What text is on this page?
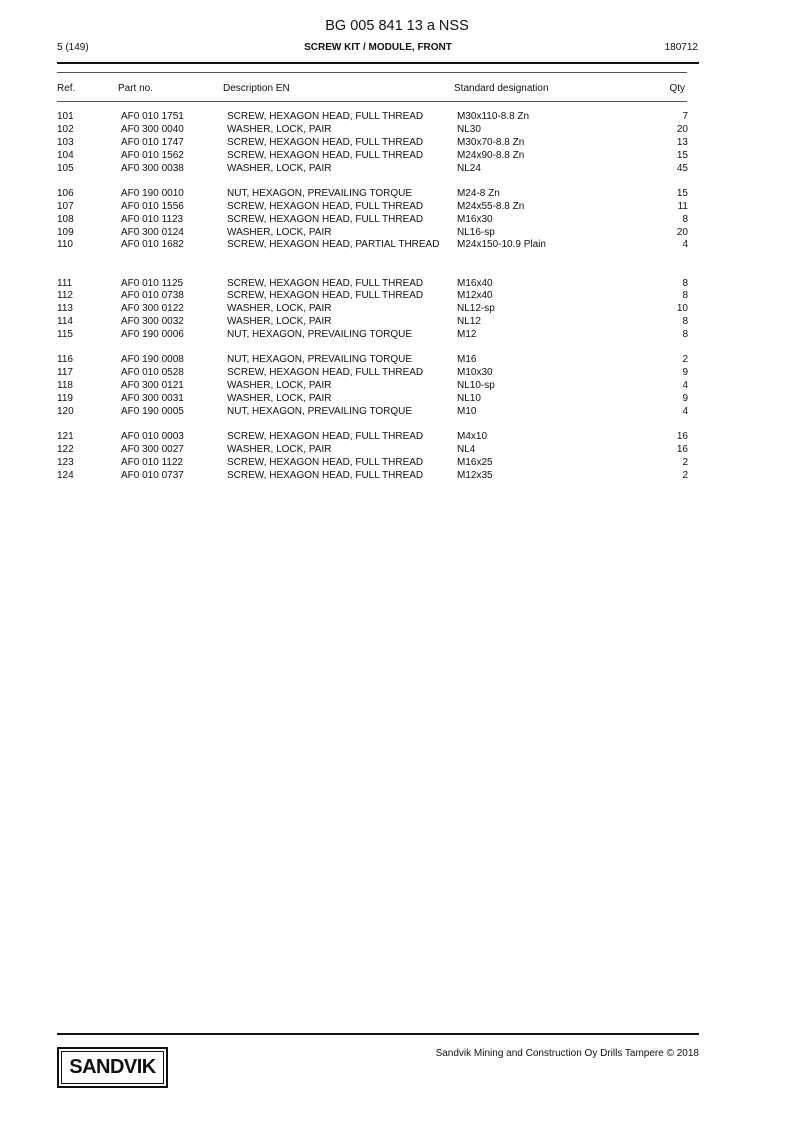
BG 005 841 13 a NSS
5 (149)	SCREW KIT / MODULE, FRONT	180712
Ref.	Part no.	Description EN	Standard designation	Qty
101	AF0 010 1751	SCREW, HEXAGON HEAD, FULL THREAD	M30x110-8.8 Zn	7
102	AF0 300 0040	WASHER, LOCK, PAIR	NL30	20
103	AF0 010 1747	SCREW, HEXAGON HEAD, FULL THREAD	M30x70-8.8 Zn	13
104	AF0 010 1562	SCREW, HEXAGON HEAD, FULL THREAD	M24x90-8.8 Zn	15
105	AF0 300 0038	WASHER, LOCK, PAIR	NL24	45
106	AF0 190 0010	NUT, HEXAGON, PREVAILING TORQUE	M24-8 Zn	15
107	AF0 010 1556	SCREW, HEXAGON HEAD, FULL THREAD	M24x55-8.8 Zn	11
108	AF0 010 1123	SCREW, HEXAGON HEAD, FULL THREAD	M16x30	8
109	AF0 300 0124	WASHER, LOCK, PAIR	NL16-sp	20
110	AF0 010 1682	SCREW, HEXAGON HEAD, PARTIAL THREAD	M24x150-10.9 Plain	4
111	AF0 010 1125	SCREW, HEXAGON HEAD, FULL THREAD	M16x40	8
112	AF0 010 0738	SCREW, HEXAGON HEAD, FULL THREAD	M12x40	8
113	AF0 300 0122	WASHER, LOCK, PAIR	NL12-sp	10
114	AF0 300 0032	WASHER, LOCK, PAIR	NL12	8
115	AF0 190 0006	NUT, HEXAGON, PREVAILING TORQUE	M12	8
116	AF0 190 0008	NUT, HEXAGON, PREVAILING TORQUE	M16	2
117	AF0 010 0528	SCREW, HEXAGON HEAD, FULL THREAD	M10x30	9
118	AF0 300 0121	WASHER, LOCK, PAIR	NL10-sp	4
119	AF0 300 0031	WASHER, LOCK, PAIR	NL10	9
120	AF0 190 0005	NUT, HEXAGON, PREVAILING TORQUE	M10	4
121	AF0 010 0003	SCREW, HEXAGON HEAD, FULL THREAD	M4x10	16
122	AF0 300 0027	WASHER, LOCK, PAIR	NL4	16
123	AF0 010 1122	SCREW, HEXAGON HEAD, FULL THREAD	M16x25	2
124	AF0 010 0737	SCREW, HEXAGON HEAD, FULL THREAD	M12x35	2
SANDVIK
Sandvik Mining and Construction Oy Drills Tampere © 2018
